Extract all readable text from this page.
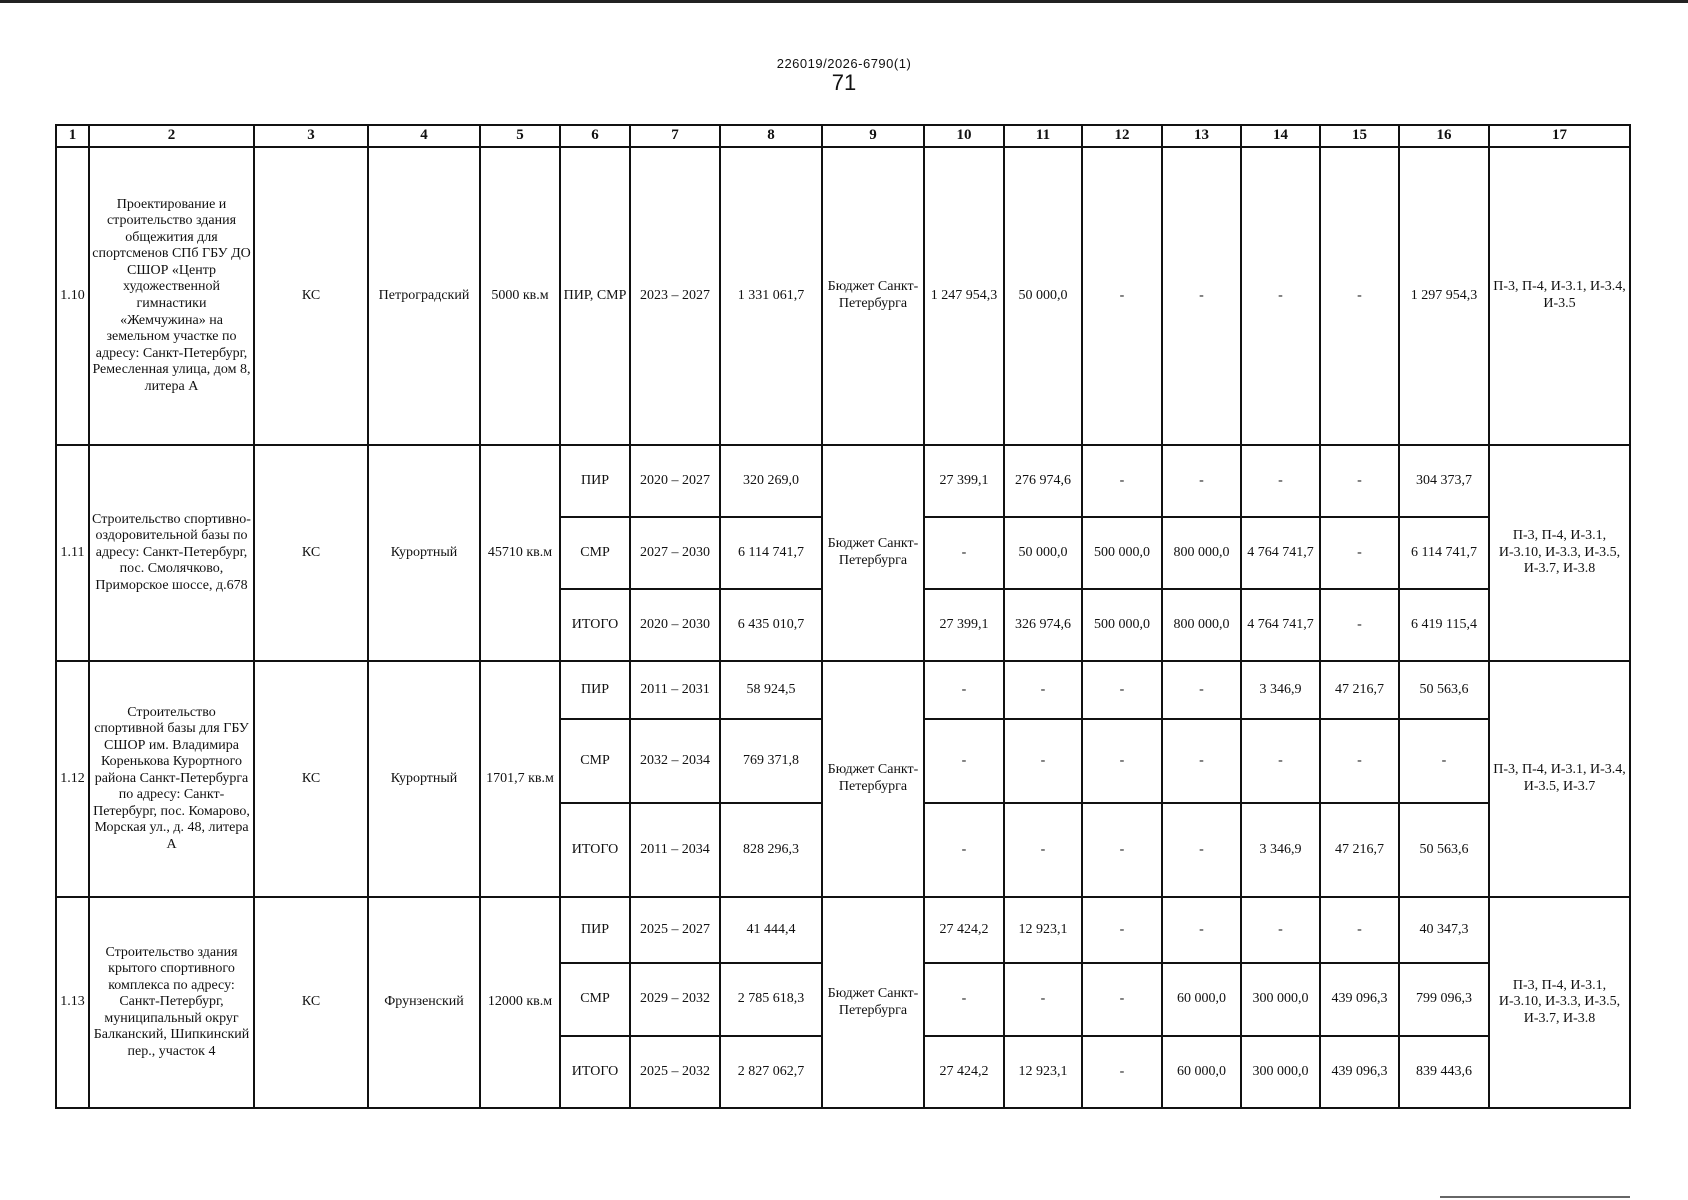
226019/2026-6790(1)
71
1	2	3	4	5	6	7	8	9	10	11	12	13	14	15	16	17
1.10	Проектирование и строительство здания общежития для спортсменов СПб ГБУ ДО СШОР «Центр художественной гимнастики «Жемчужина» на земельном участке по адресу: Санкт-Петербург, Ремесленная улица, дом 8, литера А	КС	Петроградский	5000 кв.м	ПИР, СМР	2023 – 2027	1 331 061,7	Бюджет Санкт-Петербурга	1 247 954,3	50 000,0	-	-	-	-	1 297 954,3	П-3, П-4, И-3.1, И-3.4, И-3.5
1.11	Строительство спортивно-оздоровительной базы по адресу: Санкт-Петербург, пос. Смолячково, Приморское шоссе, д.678	КС	Курортный	45710 кв.м	ПИР	2020 – 2027	320 269,0	Бюджет Санкт-Петербурга	27 399,1	276 974,6	-	-	-	-	304 373,7	П-3, П-4, И-3.1, И-3.10, И-3.3, И-3.5, И-3.7, И-3.8
					СМР	2027 – 2030	6 114 741,7		-	50 000,0	500 000,0	800 000,0	4 764 741,7	-	6 114 741,7	
					ИТОГО	2020 – 2030	6 435 010,7		27 399,1	326 974,6	500 000,0	800 000,0	4 764 741,7	-	6 419 115,4	
1.12	Строительство спортивной базы для ГБУ СШОР им. Владимира Коренькова Курортного района Санкт-Петербурга по адресу: Санкт-Петербург, пос. Комарово, Морская ул., д. 48, литера А	КС	Курортный	1701,7 кв.м	ПИР	2011 – 2031	58 924,5	Бюджет Санкт-Петербурга	-	-	-	-	3 346,9	47 216,7	50 563,6	П-3, П-4, И-3.1, И-3.4, И-3.5, И-3.7
					СМР	2032 – 2034	769 371,8		-	-	-	-	-	-	-	
					ИТОГО	2011 – 2034	828 296,3		-	-	-	-	3 346,9	47 216,7	50 563,6	
1.13	Строительство здания крытого спортивного комплекса по адресу: Санкт-Петербург, муниципальный округ Балканский, Шипкинский пер., участок 4	КС	Фрунзенский	12000 кв.м	ПИР	2025 – 2027	41 444,4	Бюджет Санкт-Петербурга	27 424,2	12 923,1	-	-	-	-	40 347,3	П-3, П-4, И-3.1, И-3.10, И-3.3, И-3.5, И-3.7, И-3.8
					СМР	2029 – 2032	2 785 618,3		-	-	-	60 000,0	300 000,0	439 096,3	799 096,3	
					ИТОГО	2025 – 2032	2 827 062,7		27 424,2	12 923,1	-	60 000,0	300 000,0	439 096,3	839 443,6	
